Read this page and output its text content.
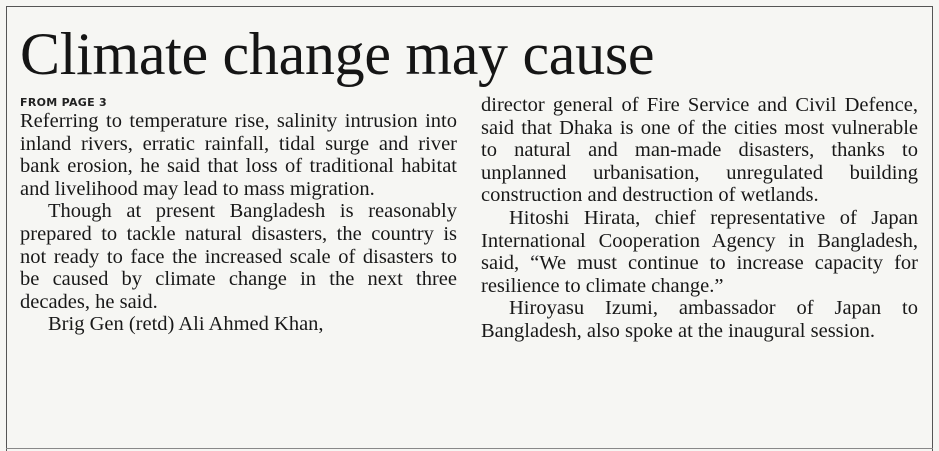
Climate change may cause
FROM PAGE 3

Referring to temperature rise, salinity intrusion into inland rivers, erratic rainfall, tidal surge and river bank erosion, he said that loss of traditional habitat and livelihood may lead to mass migration.

Though at present Bangladesh is reasonably prepared to tackle natural disasters, the country is not ready to face the increased scale of disasters to be caused by climate change in the next three decades, he said.

Brig Gen (retd) Ali Ahmed Khan,

director general of Fire Service and Civil Defence, said that Dhaka is one of the cities most vulnerable to natural and man-made disasters, thanks to unplanned urbanisation, unregulated building construction and destruction of wetlands.

Hitoshi Hirata, chief representative of Japan International Cooperation Agency in Bangladesh, said, “We must continue to increase capacity for resilience to climate change.”

Hiroyasu Izumi, ambassador of Japan to Bangladesh, also spoke at the inaugural session.
